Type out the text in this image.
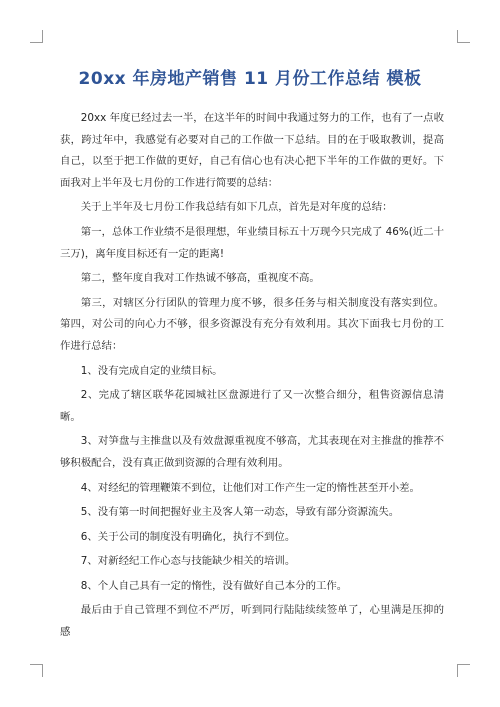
20xx 年房地产销售 11 月份工作总结 模板

20xx 年度已经过去一半，在这半年的时间中我通过努力的工作，也有了一点收获，跨过年中，我感觉有必要对自己的工作做一下总结。目的在于吸取教训，提高自己，以至于把工作做的更好，自己有信心也有决心把下半年的工作做的更好。下面我对上半年及七月份的工作进行简要的总结：

关于上半年及七月份工作我总结有如下几点，首先是对年度的总结：

第一，总体工作业绩不是很理想，年业绩目标五十万现今只完成了 46%(近二十三万)，离年度目标还有一定的距离!

第二，整年度自我对工作热诚不够高，重视度不高。

第三，对辖区分行团队的管理力度不够，很多任务与相关制度没有落实到位。第四，对公司的向心力不够，很多资源没有充分有效利用。其次下面我七月份的工作进行总结：

1、没有完成自定的业绩目标。

2、完成了辖区联华花园城社区盘源进行了又一次整合细分，租售资源信息清晰。

3、对笋盘与主推盘以及有效盘源重视度不够高，尤其表现在对主推盘的推荐不够积极配合，没有真正做到资源的合理有效利用。

4、对经纪的管理鞭策不到位，让他们对工作产生一定的惰性甚至开小差。

5、没有第一时间把握好业主及客人第一动态，导致有部分资源流失。

6、关于公司的制度没有明确化，执行不到位。

7、对新经纪工作心态与技能缺少相关的培训。

8、个人自己具有一定的惰性，没有做好自己本分的工作。

最后由于自己管理不到位不严厉，听到同行陆陆续续签单了，心里满是压抑的感
